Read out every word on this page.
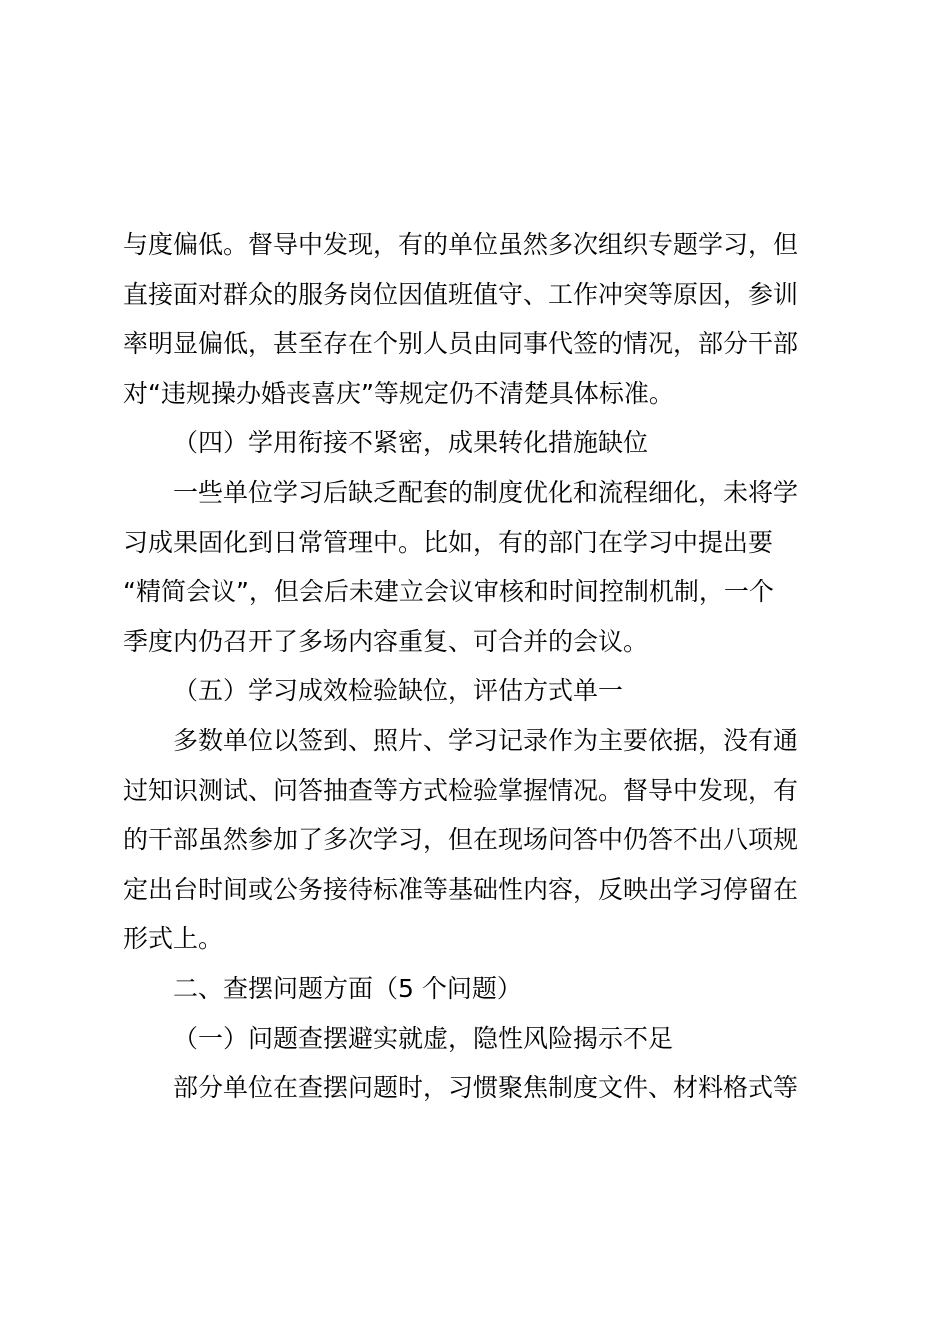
与度偏低。督导中发现，有的单位虽然多次组织专题学习，但
直接面对群众的服务岗位因值班值守、工作冲突等原因，参训
率明显偏低，甚至存在个别人员由同事代签的情况，部分干部
对“违规操办婚丧喜庆”等规定仍不清楚具体标准。
（四）学用衔接不紧密，成果转化措施缺位
一些单位学习后缺乏配套的制度优化和流程细化，未将学
习成果固化到日常管理中。比如，有的部门在学习中提出要
“精简会议”，但会后未建立会议审核和时间控制机制，一个
季度内仍召开了多场内容重复、可合并的会议。
（五）学习成效检验缺位，评估方式单一
多数单位以签到、照片、学习记录作为主要依据，没有通
过知识测试、问答抽查等方式检验掌握情况。督导中发现，有
的干部虽然参加了多次学习，但在现场问答中仍答不出八项规
定出台时间或公务接待标准等基础性内容，反映出学习停留在
形式上。
二、查摆问题方面（5 个问题）
（一）问题查摆避实就虚，隐性风险揭示不足
部分单位在查摆问题时，习惯聚焦制度文件、材料格式等
